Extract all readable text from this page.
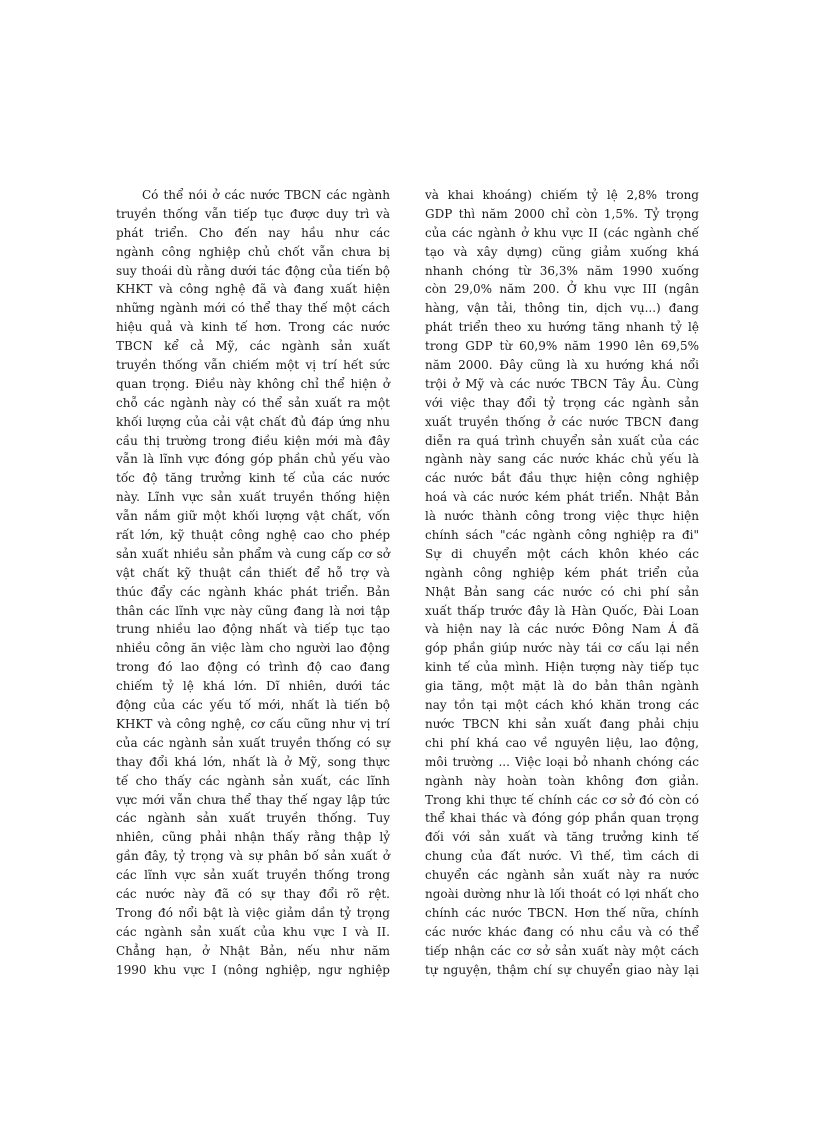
Có thể nói ở các nước TBCN các ngành
truyền thống vẫn tiếp tục được duy trì và
phát triển. Cho đến nay hầu như các
ngành công nghiệp chủ chốt vẫn chưa bị
suy thoái dù rằng dưới tác động của tiến bộ
KHKT và công nghệ đã và đang xuất hiện
những ngành mới có thể thay thế một cách
hiệu quả và kinh tế hơn. Trong các nước
TBCN kể cả Mỹ, các ngành sản xuất
truyền thống vẫn chiếm một vị trí hết sức
quan trọng. Điều này không chỉ thể hiện ở
chỗ các ngành này có thể sản xuất ra một
khối lượng của cải vật chất đủ đáp ứng nhu
cầu thị trường trong điều kiện mới mà đây
vẫn là lĩnh vực đóng góp phần chủ yếu vào
tốc độ tăng trưởng kinh tế của các nước
này. Lĩnh vực sản xuất truyền thống hiện
vẫn nắm giữ một khối lượng vật chất, vốn
rất lớn, kỹ thuật công nghệ cao cho phép
sản xuất nhiều sản phẩm và cung cấp cơ sở
vật chất kỹ thuật cần thiết để hỗ trợ và
thúc đẩy các ngành khác phát triển. Bản
thân các lĩnh vực này cũng đang là nơi tập
trung nhiều lao động nhất và tiếp tục tạo
nhiều công ăn việc làm cho người lao động
trong đó lao động có trình độ cao đang
chiếm tỷ lệ khá lớn. Dĩ nhiên, dưới tác
động của các yếu tố mới, nhất là tiến bộ
KHKT và công nghệ, cơ cấu cũng như vị trí
của các ngành sản xuất truyền thống có sự
thay đổi khá lớn, nhất là ở Mỹ, song thực
tế cho thấy các ngành sản xuất, các lĩnh
vực mới vẫn chưa thể thay thế ngay lập tức
các ngành sản xuất truyền thống. Tuy
nhiên, cũng phải nhận thấy rằng thập lỷ
gần đây, tỷ trọng và sự phân bố sản xuất ở
các lĩnh vực sản xuất truyền thống trong
các nước này đã có sự thay đổi rõ rệt.
Trong đó nổi bật là việc giảm dần tỷ trọng
các ngành sản xuất của khu vực I và II.
Chẳng hạn, ở Nhật Bản, nếu như năm
1990 khu vực I (nông nghiệp, ngư nghiệp
và khai khoáng) chiếm tỷ lệ 2,8% trong
GDP thì năm 2000 chỉ còn 1,5%. Tỷ trọng
của các ngành ở khu vực II (các ngành chế
tạo và xây dựng) cũng giảm xuống khá
nhanh chóng từ 36,3% năm 1990 xuống
còn 29,0% năm 200. Ở khu vực III (ngân
hàng, vận tải, thông tin, dịch vụ...) đang
phát triển theo xu hướng tăng nhanh tỷ lệ
trong GDP từ 60,9% năm 1990 lên 69,5%
năm 2000. Đây cũng là xu hướng khá nổi
trội ở Mỹ và các nước TBCN Tây Âu. Cùng
với việc thay đổi tỷ trọng các ngành sản
xuất truyền thống ở các nước TBCN đang
diễn ra quá trình chuyển sản xuất của các
ngành này sang các nước khác chủ yếu là
các nước bắt đầu thực hiện công nghiệp
hoá và các nước kém phát triển. Nhật Bản
là nước thành công trong việc thực hiện
chính sách "các ngành công nghiệp ra đi"
Sự di chuyển một cách khôn khéo các
ngành công nghiệp kém phát triển của
Nhật Bản sang các nước có chi phí sản
xuất thấp trước đây là Hàn Quốc, Đài Loan
và hiện nay là các nước Đông Nam Á đã
góp phần giúp nước này tái cơ cấu lại nền
kinh tế của mình. Hiện tượng này tiếp tục
gia tăng, một mặt là do bản thân ngành
nay tồn tại một cách khó khăn trong các
nước TBCN khi sản xuất đang phải chịu
chi phí khá cao về nguyên liệu, lao động,
môi trường ... Việc loại bỏ nhanh chóng các
ngành này hoàn toàn không đơn giản.
Trong khi thực tế chính các cơ sở đó còn có
thể khai thác và đóng góp phần quan trọng
đối với sản xuất và tăng trưởng kinh tế
chung của đất nước. Vì thế, tìm cách di
chuyển các ngành sản xuất này ra nước
ngoài dường như là lối thoát có lợi nhất cho
chính các nước TBCN. Hơn thế nữa, chính
các nước khác đang có nhu cầu và có thể
tiếp nhận các cơ sở sản xuất này một cách
tự nguyện, thậm chí sự chuyển giao này lại
